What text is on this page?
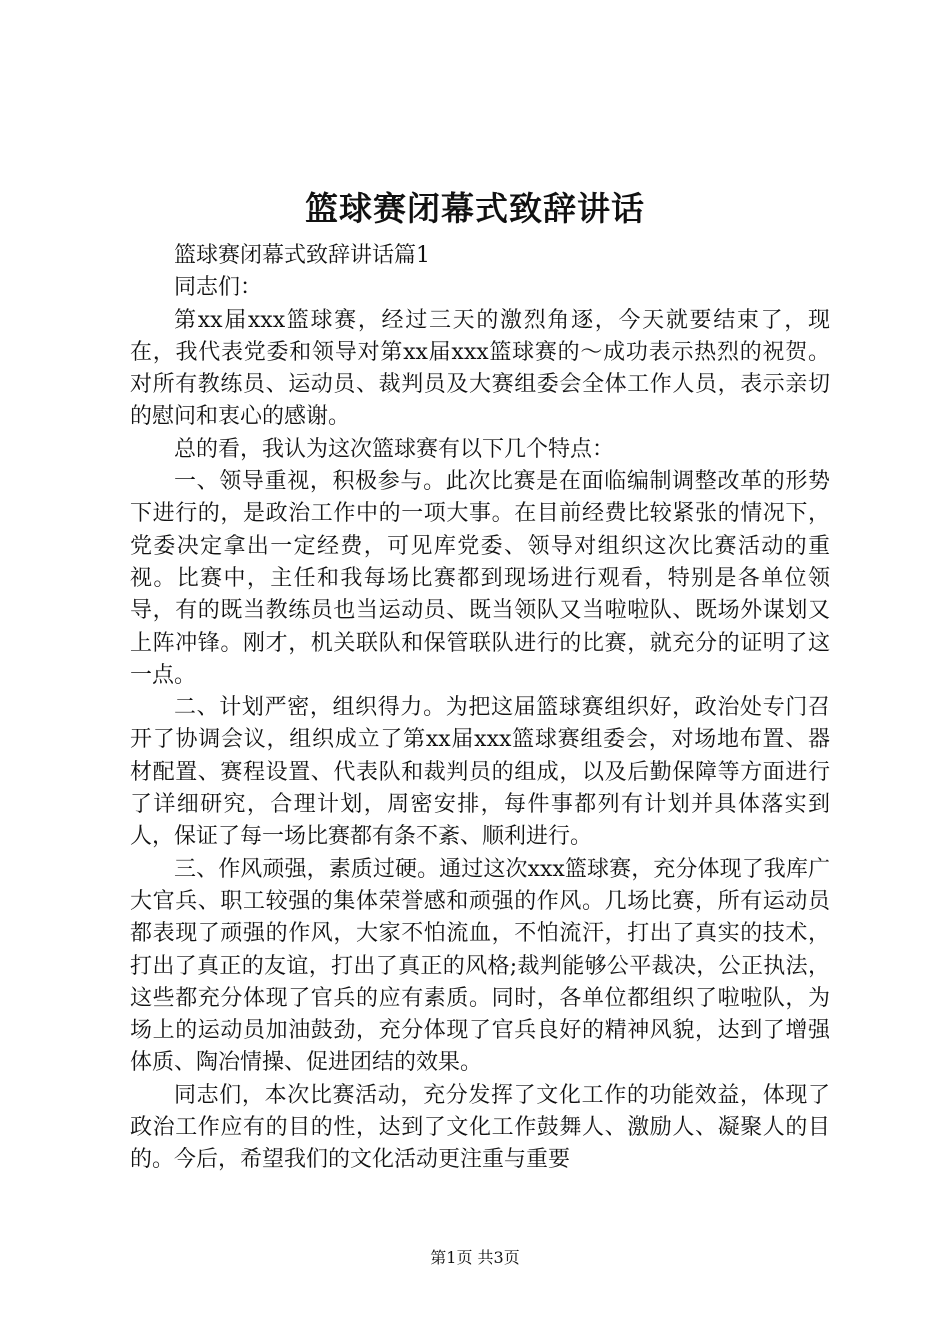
篮球赛闭幕式致辞讲话

篮球赛闭幕式致辞讲话篇1

同志们：

第xx届xxx篮球赛，经过三天的激烈角逐，今天就要结束了，现在，我代表党委和领导对第xx届xxx篮球赛的～成功表示热烈的祝贺。对所有教练员、运动员、裁判员及大赛组委会全体工作人员，表示亲切的慰问和衷心的感谢。

总的看，我认为这次篮球赛有以下几个特点：

一、领导重视，积极参与。此次比赛是在面临编制调整改革的形势下进行的，是政治工作中的一项大事。在目前经费比较紧张的情况下，党委决定拿出一定经费，可见库党委、领导对组织这次比赛活动的重视。比赛中，主任和我每场比赛都到现场进行观看，特别是各单位领导，有的既当教练员也当运动员、既当领队又当啦啦队、既场外谋划又上阵冲锋。刚才，机关联队和保管联队进行的比赛，就充分的证明了这一点。

二、计划严密，组织得力。为把这届篮球赛组织好，政治处专门召开了协调会议，组织成立了第xx届xxx篮球赛组委会，对场地布置、器材配置、赛程设置、代表队和裁判员的组成，以及后勤保障等方面进行了详细研究，合理计划，周密安排，每件事都列有计划并具体落实到人，保证了每一场比赛都有条不紊、顺利进行。

三、作风顽强，素质过硬。通过这次xxx篮球赛，充分体现了我库广大官兵、职工较强的集体荣誉感和顽强的作风。几场比赛，所有运动员都表现了顽强的作风，大家不怕流血，不怕流汗，打出了真实的技术，打出了真正的友谊，打出了真正的风格;裁判能够公平裁决，公正执法，这些都充分体现了官兵的应有素质。同时，各单位都组织了啦啦队，为场上的运动员加油鼓劲，充分体现了官兵良好的精神风貌，达到了增强体质、陶冶情操、促进团结的效果。

同志们，本次比赛活动，充分发挥了文化工作的功能效益，体现了政治工作应有的目的性，达到了文化工作鼓舞人、激励人、凝聚人的目的。今后，希望我们的文化活动更注重与重要

第1页 共3页
